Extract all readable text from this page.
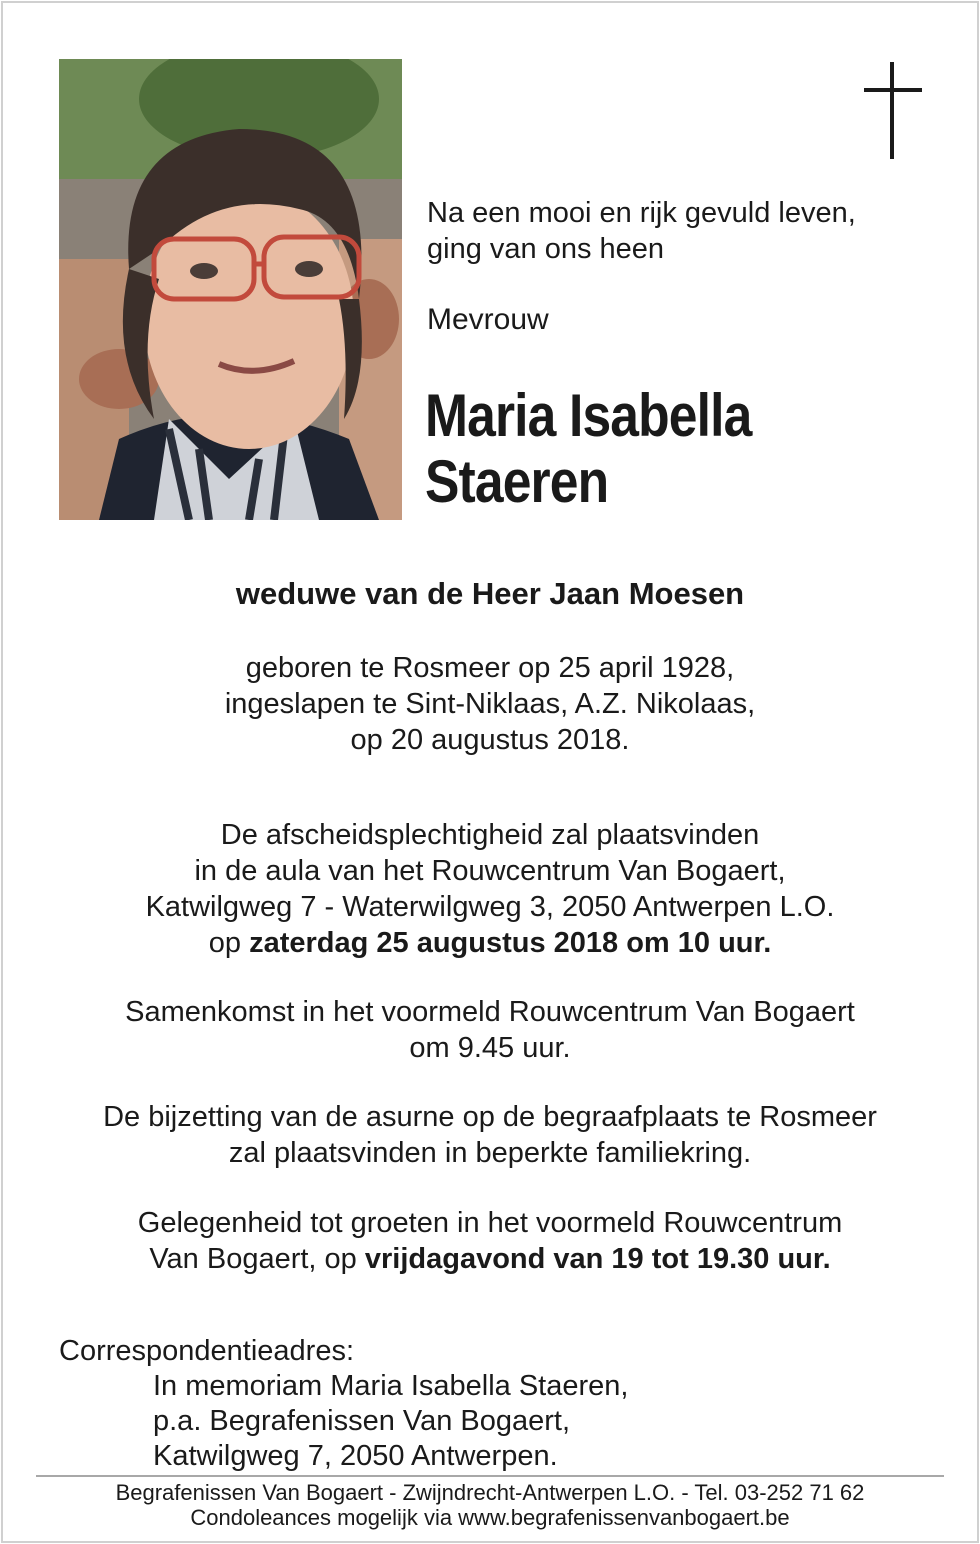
Na een mooi en rijk gevuld leven,
ging van ons heen
Mevrouw
Maria Isabella
Staeren
weduwe van de Heer Jaan Moesen
geboren te Rosmeer op 25 april 1928,
ingeslapen te Sint-Niklaas, A.Z. Nikolaas,
op 20 augustus 2018.
De afscheidsplechtigheid zal plaatsvinden
in de aula van het Rouwcentrum Van Bogaert,
Katwilgweg 7 - Waterwilgweg 3, 2050 Antwerpen L.O.
op zaterdag 25 augustus 2018 om 10 uur.
Samenkomst in het voormeld Rouwcentrum Van Bogaert
om 9.45 uur.
De bijzetting van de asurne op de begraafplaats te Rosmeer
zal plaatsvinden in beperkte familiekring.
Gelegenheid tot groeten in het voormeld Rouwcentrum
Van Bogaert, op vrijdagavond van 19 tot 19.30 uur.
Correspondentieadres:
In memoriam Maria Isabella Staeren,
p.a. Begrafenissen Van Bogaert,
Katwilgweg 7, 2050 Antwerpen.
Begrafenissen Van Bogaert - Zwijndrecht-Antwerpen L.O. - Tel. 03-252 71 62
Condoleances mogelijk via www.begrafenissenvanbogaert.be
